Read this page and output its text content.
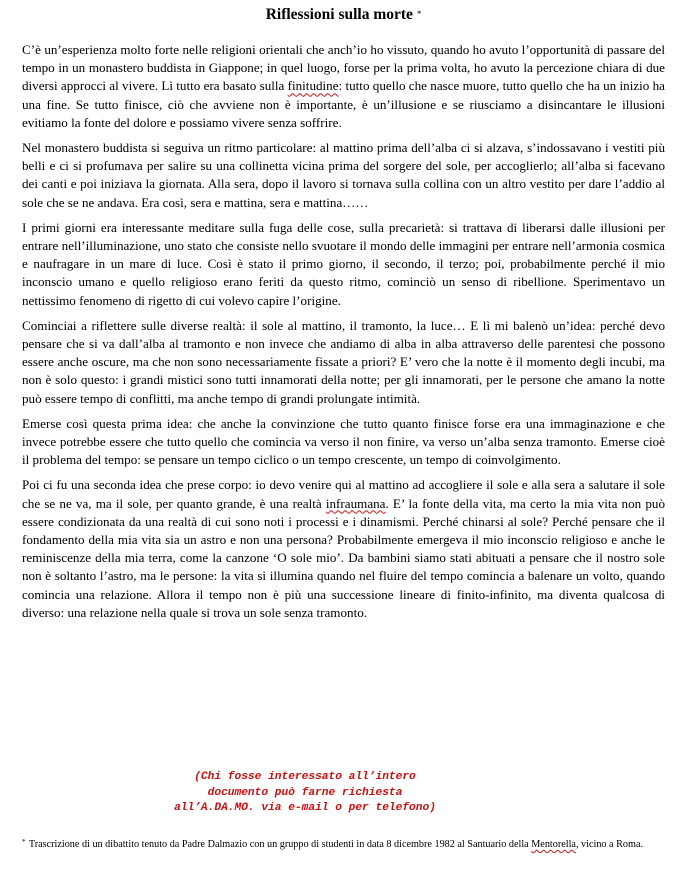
Riflessioni sulla morte *

C’è un’esperienza molto forte nelle religioni orientali che anch’io ho vissuto, quando ho avuto l’opportunità di passare del tempo in un monastero buddista in Giappone; in quel luogo, forse per la prima volta, ho avuto la percezione chiara di due diversi approcci al vivere. Lì tutto era basato sulla finitudine: tutto quello che nasce muore, tutto quello che ha un inizio ha una fine. Se tutto finisce, ciò che avviene non è importante, è un’illusione e se riusciamo a disincantare le illusioni evitiamo la fonte del dolore e possiamo vivere senza soffrire.

Nel monastero buddista si seguiva un ritmo particolare: al mattino prima dell’alba ci si alzava, s’indossavano i vestiti più belli e ci si profumava per salire su una collinetta vicina prima del sorgere del sole, per accoglierlo; all’alba si facevano dei canti e poi iniziava la giornata. Alla sera, dopo il lavoro si tornava sulla collina con un altro vestito per dare l’addio al sole che se ne andava. Era così, sera e mattina, sera e mattina……

I primi giorni era interessante meditare sulla fuga delle cose, sulla precarietà: si trattava di liberarsi dalle illusioni per entrare nell’illuminazione, uno stato che consiste nello svuotare il mondo delle immagini per entrare nell’armonia cosmica e naufragare in un mare di luce. Così è stato il primo giorno, il secondo, il terzo; poi, probabilmente perché il mio inconscio umano e quello religioso erano feriti da questo ritmo, cominciò un senso di ribellione. Sperimentavo un nettissimo fenomeno di rigetto di cui volevo capire l’origine.

Cominciai a riflettere sulle diverse realtà: il sole al mattino, il tramonto, la luce… E lì mi balenò un’idea: perché devo pensare che si va dall’alba al tramonto e non invece che andiamo di alba in alba attraverso delle parentesi che possono essere anche oscure, ma che non sono necessariamente fissate a priori? E’ vero che la notte è il momento degli incubi, ma non è solo questo: i grandi mistici sono tutti innamorati della notte; per gli innamorati, per le persone che amano la notte può essere tempo di conflitti, ma anche tempo di grandi prolungate intimità.

Emerse così questa prima idea: che anche la convinzione che tutto quanto finisce forse era una immaginazione e che invece potrebbe essere che tutto quello che comincia va verso il non finire, va verso un’alba senza tramonto. Emerse cioè il problema del tempo: se pensare un tempo ciclico o un tempo crescente, un tempo di coinvolgimento.

Poi ci fu una seconda idea che prese corpo: io devo venire qui al mattino ad accogliere il sole e alla sera a salutare il sole che se ne va, ma il sole, per quanto grande, è una realtà infraumana. E’ la fonte della vita, ma certo la mia vita non può essere condizionata da una realtà di cui sono noti i processi e i dinamismi. Perché chinarsi al sole? Perché pensare che il fondamento della mia vita sia un astro e non una persona? Probabilmente emergeva il mio inconscio religioso e anche le reminiscenze della mia terra, come la canzone ‘O sole mio’. Da bambini siamo stati abituati a pensare che il nostro sole non è soltanto l’astro, ma le persone: la vita si illumina quando nel fluire del tempo comincia a balenare un volto, quando comincia una relazione. Allora il tempo non è più una successione lineare di finito-infinito, ma diventa qualcosa di diverso: una relazione nella quale si trova un sole senza tramonto.

(Chi fosse interessato all’intero
documento può farne richiesta
all’A.DA.MO. via e-mail o per telefono)
* Trascrizione di un dibattito tenuto da Padre Dalmazio con un gruppo di studenti in data 8 dicembre 1982 al Santuario della Mentorella, vicino a Roma.
